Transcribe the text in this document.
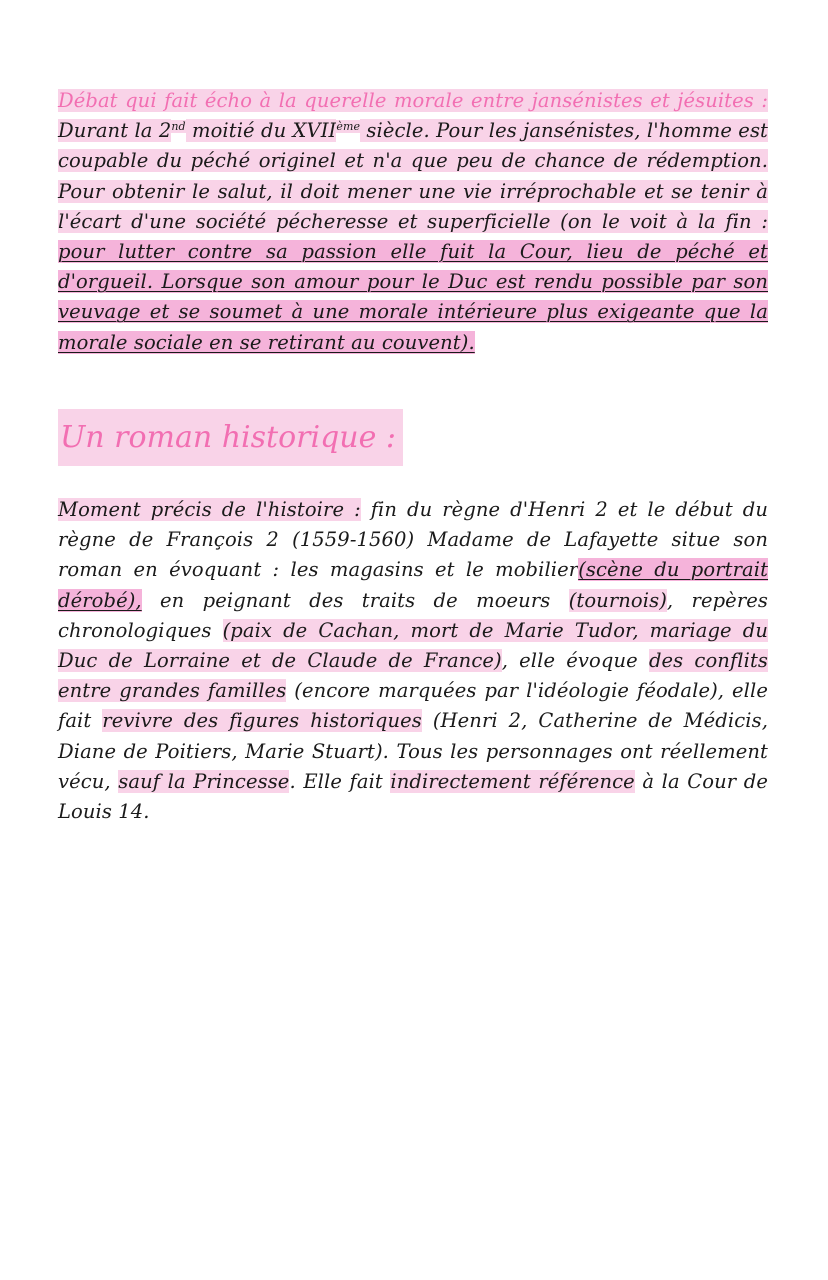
Débat qui fait écho à la querelle morale entre jansénistes et jésuites : Durant la 2nd moitié du XVIIème siècle. Pour les jansénistes, l'homme est coupable du péché originel et n'a que peu de chance de rédemption. Pour obtenir le salut, il doit mener une vie irréprochable et se tenir à l'écart d'une société pécheresse et superficielle (on le voit à la fin : pour lutter contre sa passion elle fuit la Cour, lieu de péché et d'orgueil. Lorsque son amour pour le Duc est rendu possible par son veuvage et se soumet à une morale intérieure plus exigeante que la morale sociale en se retirant au couvent).

Un roman historique :

Moment précis de l'histoire : fin du règne d'Henri 2 et le début du règne de François 2 (1559-1560) Madame de Lafayette situe son roman en évoquant : les magasins et le mobilier(scène du portrait dérobé), en peignant des traits de moeurs (tournois), repères chronologiques (paix de Cachan, mort de Marie Tudor, mariage du Duc de Lorraine et de Claude de France), elle évoque des conflits entre grandes familles (encore marquées par l'idéologie féodale), elle fait revivre des figures historiques (Henri 2, Catherine de Médicis, Diane de Poitiers, Marie Stuart). Tous les personnages ont réellement vécu, sauf la Princesse. Elle fait indirectement référence à la Cour de Louis 14.
